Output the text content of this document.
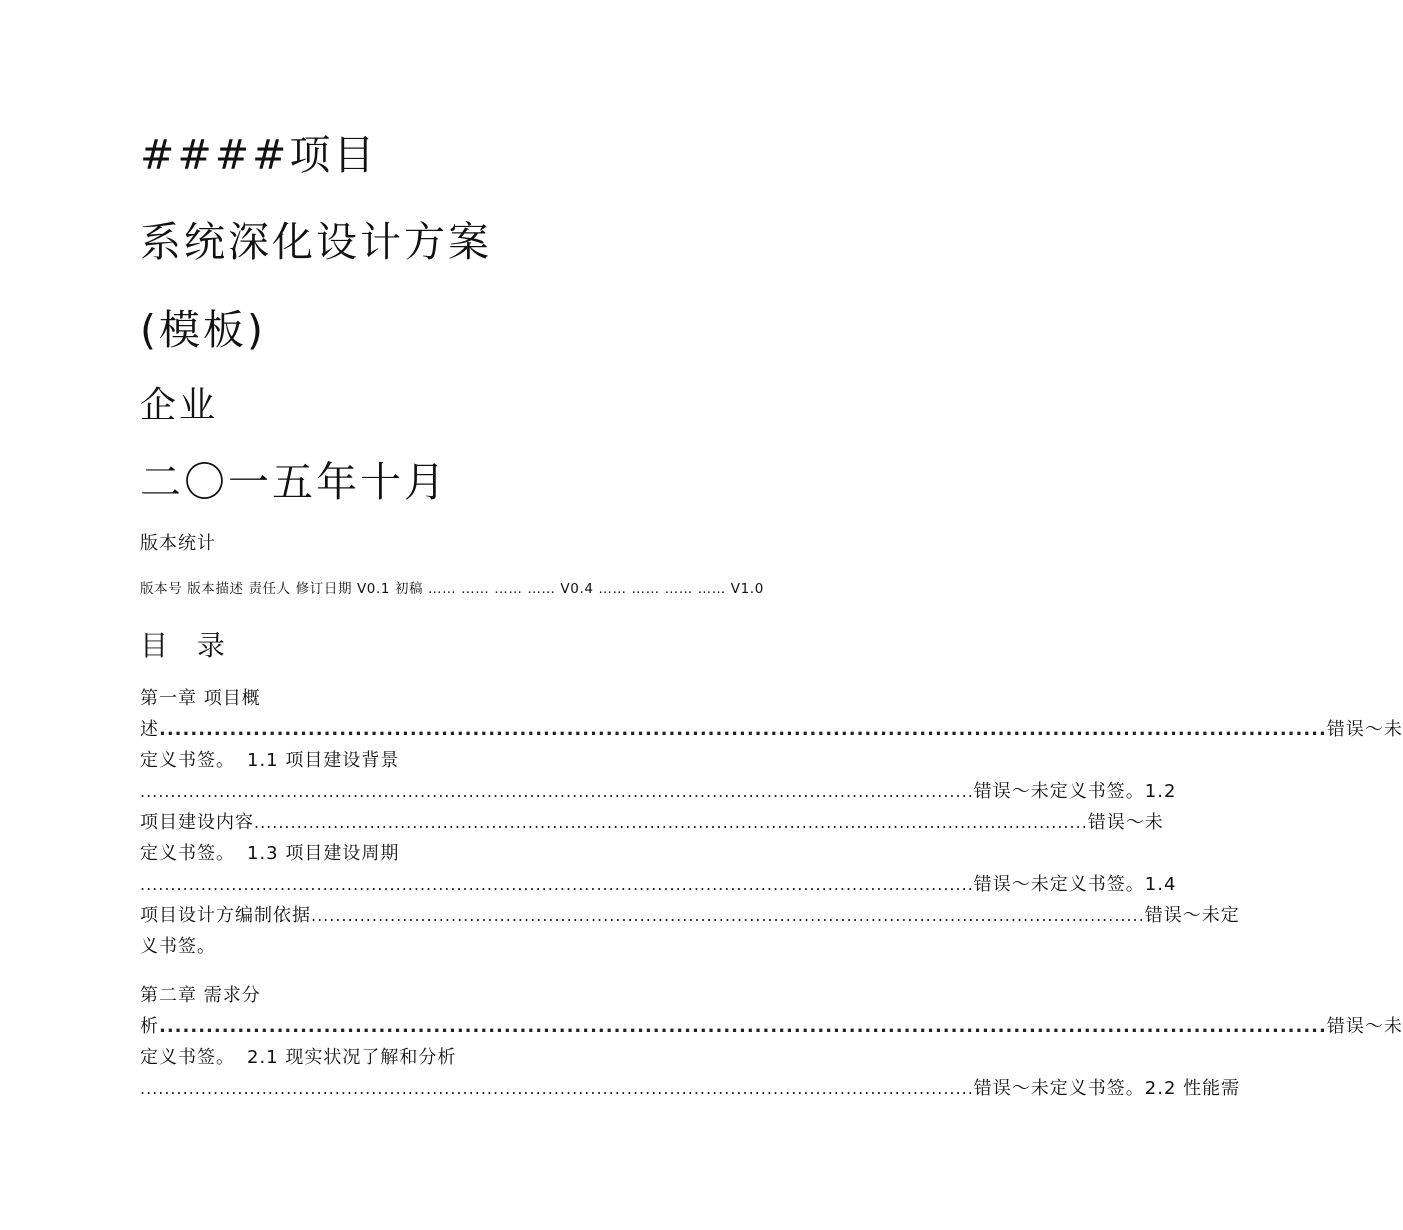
####项目
系统深化设计方案
(模板)
企业
二〇一五年十月
版本统计
版本号 版本描述 责任人 修订日期 V0.1 初稿 …… …… …… …… V0.4 …… …… …… …… V1.0
目 录
第一章 项目概
述 ..................................................................................................................................................... 错误～未
定义书签。 1.1 项目建设背景
......................................................................................................................................... 错误～未定义书签。 1.2
项目建设内容 ......................................................................................................................................... 错误～未
定义书签。 1.3 项目建设周期
......................................................................................................................................... 错误～未定义书签。 1.4
项目设计方编制依据 ......................................................................................................................................... 错误～未定
义书签。
第二章 需求分
析 ..................................................................................................................................................... 错误～未
定义书签。 2.1 现实状况了解和分析
......................................................................................................................................... 错误～未定义书签。 2.2 性能需
